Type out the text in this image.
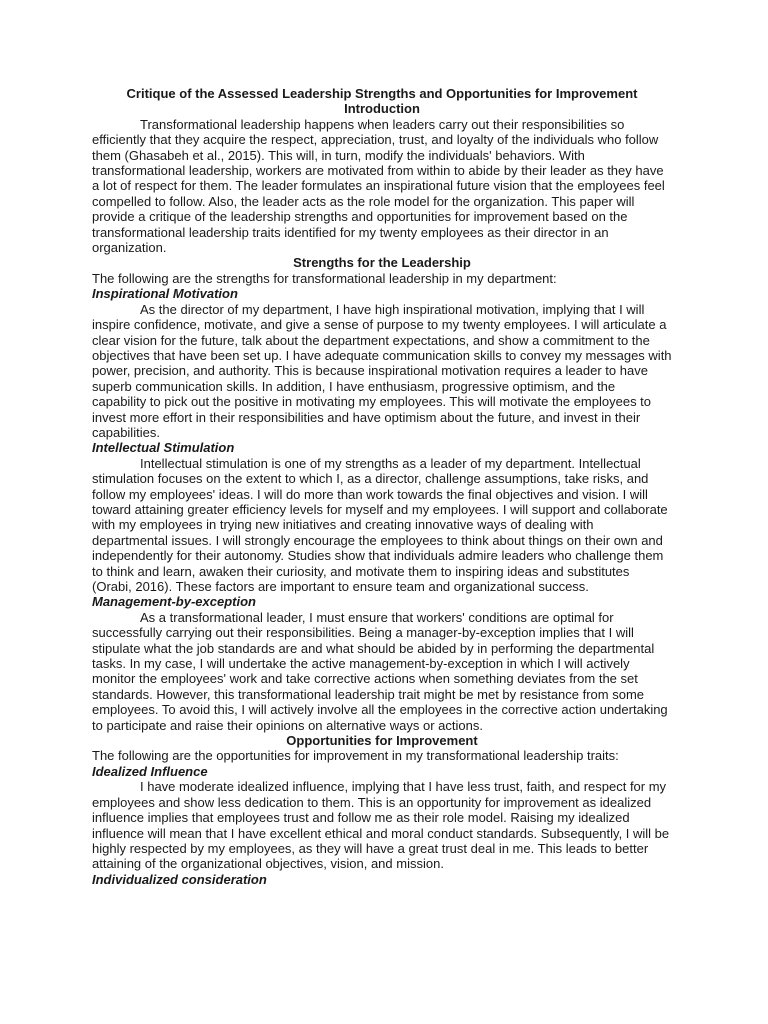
Critique of the Assessed Leadership Strengths and Opportunities for Improvement
Introduction

Transformational leadership happens when leaders carry out their responsibilities so efficiently that they acquire the respect, appreciation, trust, and loyalty of the individuals who follow them (Ghasabeh et al., 2015). This will, in turn, modify the individuals' behaviors. With transformational leadership, workers are motivated from within to abide by their leader as they have a lot of respect for them. The leader formulates an inspirational future vision that the employees feel compelled to follow. Also, the leader acts as the role model for the organization. This paper will provide a critique of the leadership strengths and opportunities for improvement based on the transformational leadership traits identified for my twenty employees as their director in an organization.

Strengths for the Leadership

The following are the strengths for transformational leadership in my department:

Inspirational Motivation

As the director of my department, I have high inspirational motivation, implying that I will inspire confidence, motivate, and give a sense of purpose to my twenty employees. I will articulate a clear vision for the future, talk about the department expectations, and show a commitment to the objectives that have been set up. I have adequate communication skills to convey my messages with power, precision, and authority. This is because inspirational motivation requires a leader to have superb communication skills. In addition, I have enthusiasm, progressive optimism, and the capability to pick out the positive in motivating my employees. This will motivate the employees to invest more effort in their responsibilities and have optimism about the future, and invest in their capabilities.

Intellectual Stimulation

Intellectual stimulation is one of my strengths as a leader of my department. Intellectual stimulation focuses on the extent to which I, as a director, challenge assumptions, take risks, and follow my employees' ideas. I will do more than work towards the final objectives and vision. I will toward attaining greater efficiency levels for myself and my employees. I will support and collaborate with my employees in trying new initiatives and creating innovative ways of dealing with departmental issues. I will strongly encourage the employees to think about things on their own and independently for their autonomy. Studies show that individuals admire leaders who challenge them to think and learn, awaken their curiosity, and motivate them to inspiring ideas and substitutes (Orabi, 2016). These factors are important to ensure team and organizational success.

Management-by-exception

As a transformational leader, I must ensure that workers' conditions are optimal for successfully carrying out their responsibilities. Being a manager-by-exception implies that I will stipulate what the job standards are and what should be abided by in performing the departmental tasks. In my case, I will undertake the active management-by-exception in which I will actively monitor the employees' work and take corrective actions when something deviates from the set standards. However, this transformational leadership trait might be met by resistance from some employees. To avoid this, I will actively involve all the employees in the corrective action undertaking to participate and raise their opinions on alternative ways or actions.

Opportunities for Improvement

The following are the opportunities for improvement in my transformational leadership traits:

Idealized Influence

I have moderate idealized influence, implying that I have less trust, faith, and respect for my employees and show less dedication to them. This is an opportunity for improvement as idealized influence implies that employees trust and follow me as their role model. Raising my idealized influence will mean that I have excellent ethical and moral conduct standards. Subsequently, I will be highly respected by my employees, as they will have a great trust deal in me. This leads to better attaining of the organizational objectives, vision, and mission.

Individualized consideration
